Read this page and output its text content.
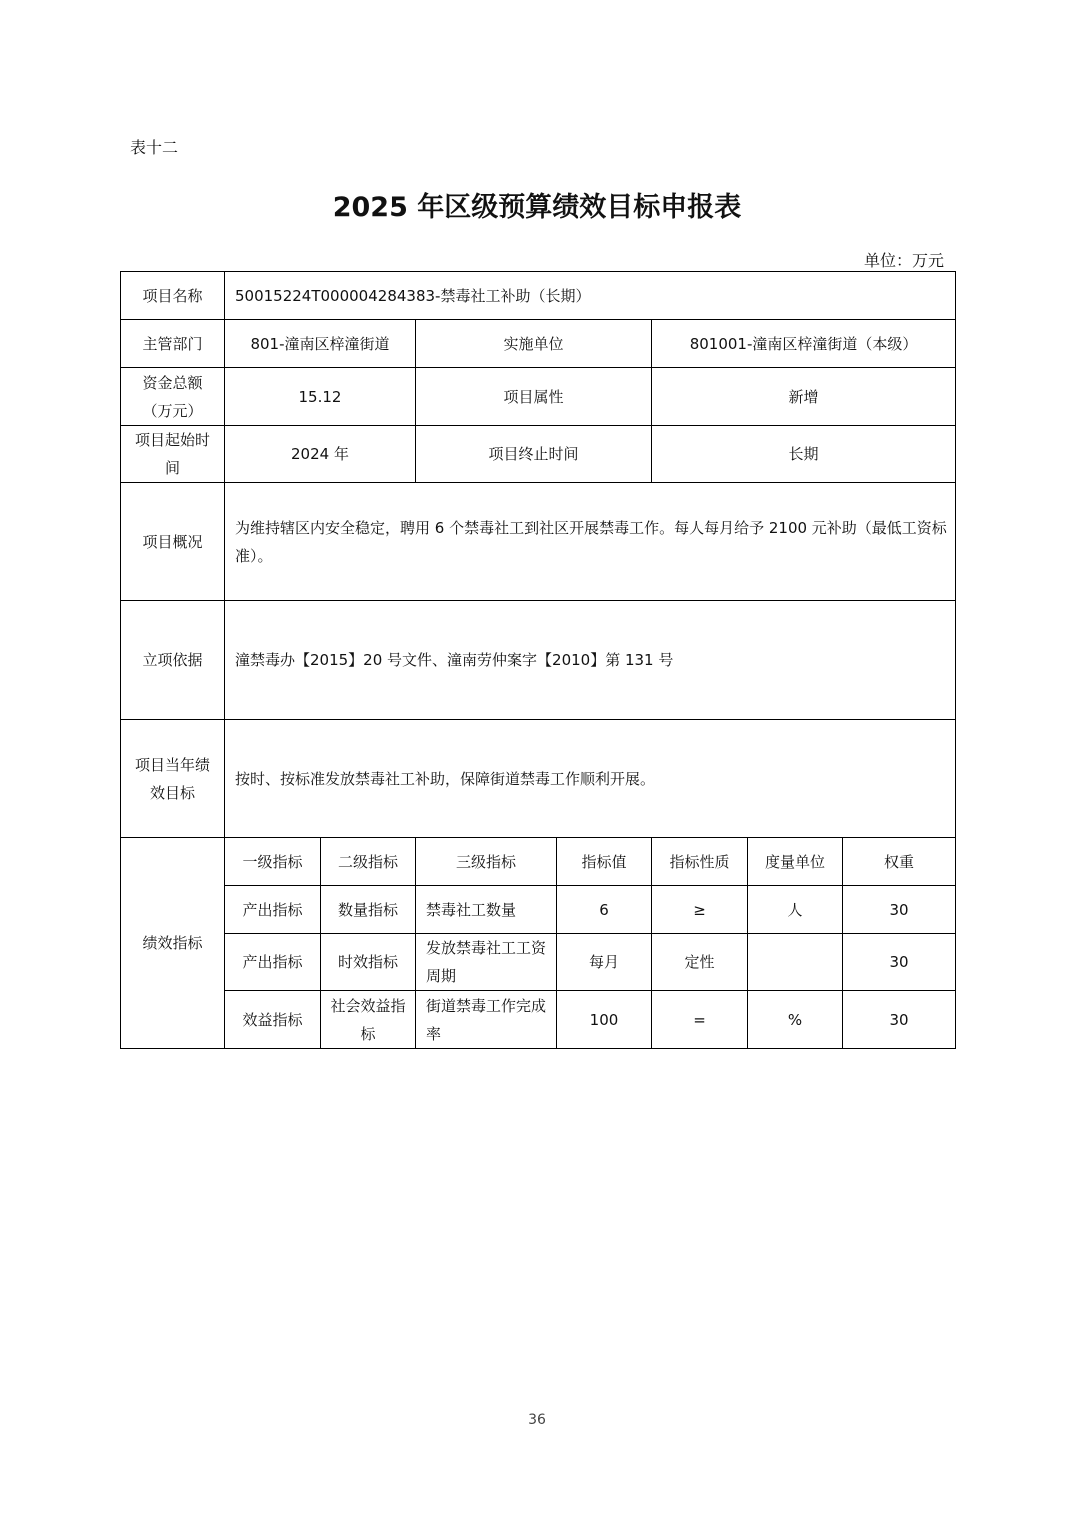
表十二
2025 年区级预算绩效目标申报表
单位：万元
项目名称	50015224T000004284383-禁毒社工补助（长期）						
主管部门	801-潼南区梓潼街道		实施单位		801001-潼南区梓潼街道（本级）		
资金总额（万元）	15.12		项目属性		新增		
项目起始时间	2024 年		项目终止时间		长期		
项目概况	为维持辖区内安全稳定，聘用 6 个禁毒社工到社区开展禁毒工作。每人每月给予 2100 元补助（最低工资标准）。						
立项依据	潼禁毒办【2015】20 号文件、潼南劳仲案字【2010】第 131 号						
项目当年绩效目标	按时、按标准发放禁毒社工补助，保障街道禁毒工作顺利开展。						
绩效指标	一级指标	二级指标	三级指标	指标值	指标性质	度量单位	权重
	产出指标	数量指标	禁毒社工数量	6	≥	人	30
	产出指标	时效指标	发放禁毒社工工资周期	每月	定性		30
	效益指标	社会效益指标	街道禁毒工作完成率	100	=	%	30
36
